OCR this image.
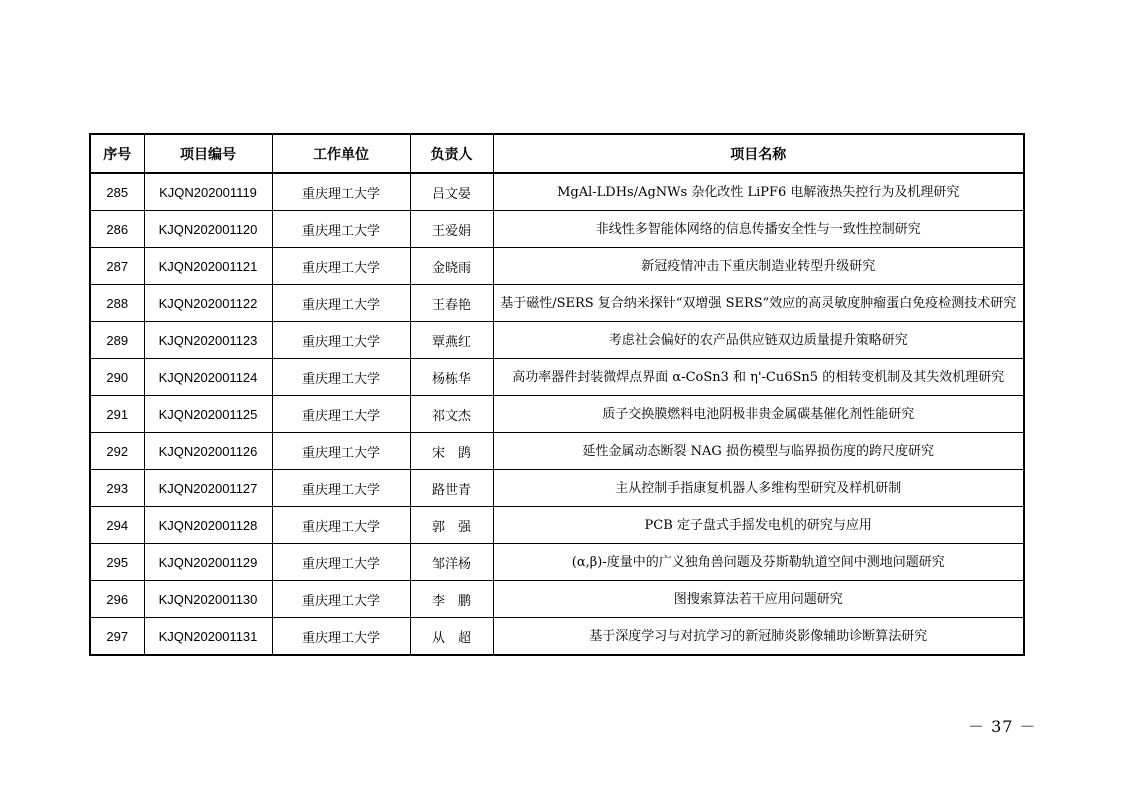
序号	项目编号	工作单位	负责人	项目名称
285	KJQN202001119	重庆理工大学	吕文晏	MgAl-LDHs/AgNWs 杂化改性 LiPF6 电解液热失控行为及机理研究
286	KJQN202001120	重庆理工大学	王爱娟	非线性多智能体网络的信息传播安全性与一致性控制研究
287	KJQN202001121	重庆理工大学	金晓雨	新冠疫情冲击下重庆制造业转型升级研究
288	KJQN202001122	重庆理工大学	王春艳	基于磁性/SERS 复合纳米探针“双增强 SERS”效应的高灵敏度肿瘤蛋白免疫检测技术研究
289	KJQN202001123	重庆理工大学	覃燕红	考虑社会偏好的农产品供应链双边质量提升策略研究
290	KJQN202001124	重庆理工大学	杨栋华	高功率器件封装微焊点界面 α-CoSn3 和 η'-Cu6Sn5 的相转变机制及其失效机理研究
291	KJQN202001125	重庆理工大学	祁文杰	质子交换膜燃料电池阴极非贵金属碳基催化剂性能研究
292	KJQN202001126	重庆理工大学	宋　鹍	延性金属动态断裂 NAG 损伤模型与临界损伤度的跨尺度研究
293	KJQN202001127	重庆理工大学	路世青	主从控制手指康复机器人多维构型研究及样机研制
294	KJQN202001128	重庆理工大学	郭　强	PCB 定子盘式手摇发电机的研究与应用
295	KJQN202001129	重庆理工大学	邹洋杨	(α,β)-度量中的广义独角兽问题及芬斯勒轨道空间中测地问题研究
296	KJQN202001130	重庆理工大学	李　鹏	图搜索算法若干应用问题研究
297	KJQN202001131	重庆理工大学	从　超	基于深度学习与对抗学习的新冠肺炎影像辅助诊断算法研究
－ 37 －
